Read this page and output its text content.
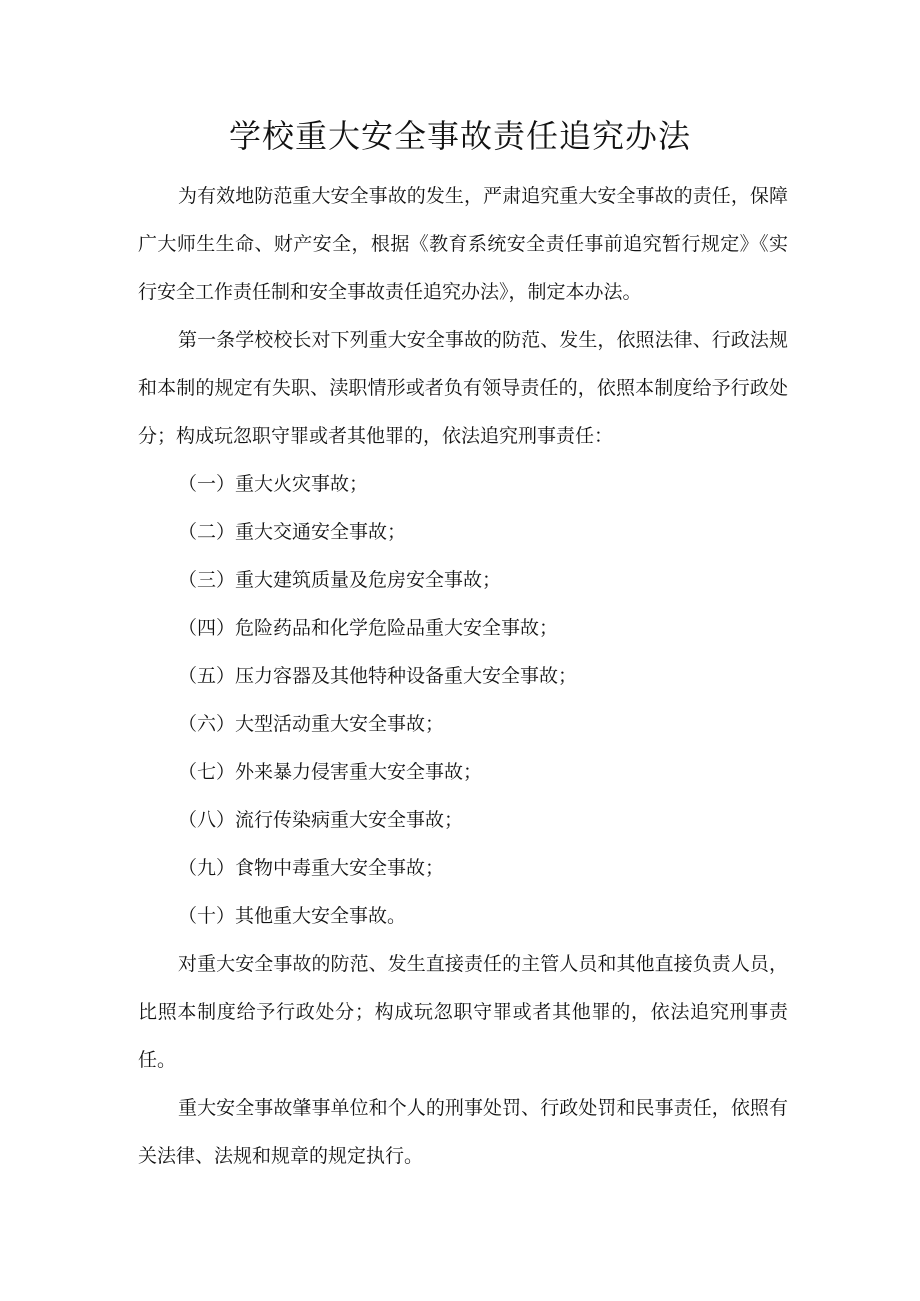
学校重大安全事故责任追究办法

为有效地防范重大安全事故的发生，严肃追究重大安全事故的责任，保障广大师生生命、财产安全，根据《教育系统安全责任事前追究暂行规定》《实行安全工作责任制和安全事故责任追究办法》，制定本办法。

第一条学校校长对下列重大安全事故的防范、发生，依照法律、行政法规和本制的规定有失职、渎职情形或者负有领导责任的，依照本制度给予行政处分；构成玩忽职守罪或者其他罪的，依法追究刑事责任：

（一）重大火灾事故；
（二）重大交通安全事故；
（三）重大建筑质量及危房安全事故；
（四）危险药品和化学危险品重大安全事故；
（五）压力容器及其他特种设备重大安全事故；
（六）大型活动重大安全事故；
（七）外来暴力侵害重大安全事故；
（八）流行传染病重大安全事故；
（九）食物中毒重大安全事故；
（十）其他重大安全事故。

对重大安全事故的防范、发生直接责任的主管人员和其他直接负责人员，比照本制度给予行政处分；构成玩忽职守罪或者其他罪的，依法追究刑事责任。

重大安全事故肇事单位和个人的刑事处罚、行政处罚和民事责任，依照有关法律、法规和规章的规定执行。
